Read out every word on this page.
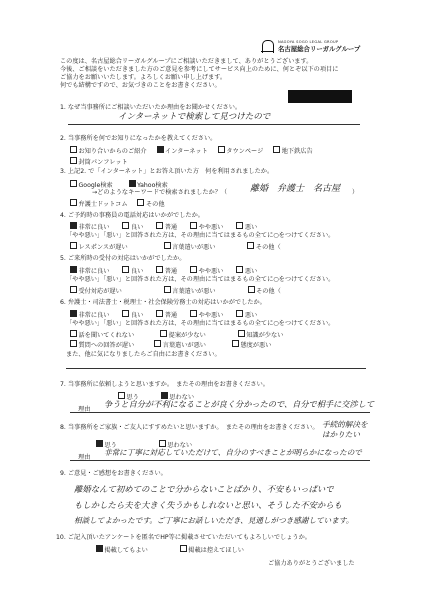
NAGOYA SOGO LEGAL GROUP
名古屋総合リーガルグループ
この度は、名古屋総合リーガルグループにご相談いただきまして、ありがとうございます。
今後、ご相談をいただきました方のご意見を参考にしてサービス向上のために、何とぞ以下の項目に
ご協力をお願いいたします。よろしくお願い申し上げます。
何でも結構ですので、お気づきのことをお書きください。
1. なぜ当事務所にご相談いただいたか理由をお聞かせください。
インターネットで検索して見つけたので
2. 当事務所を何でお知りになったかを教えてください。
お知り合いからのご紹介	インターネット	タウンページ	地下鉄広告
封筒パンフレット
3. 上記2. で「インターネット」とお答え頂いた方　何を利用されましたか。
Google検索	Yahoo検索
→どのようなキーワードで検索されましたか？（	離婚　弁護士　名古屋 ）
弁護士ドットコム	その他
4. ご予約時の事務員の電話対応はいかがでしたか。
非常に良い	良い	普通	やや悪い	悪い
「やや悪い」「悪い」と回答された方は、その理由に当てはまるもの全てに○をつけてください。
レスポンスが遅い	言葉遣いが悪い	その他（
5. ご来所時の受付の対応はいかがでしたか。
非常に良い	良い	普通	やや悪い	悪い
「やや悪い」「悪い」と回答された方は、その理由に当てはまるもの全てに○をつけてください。
受付対応が遅い	言葉遣いが悪い	その他（
6. 弁護士・司法書士・税理士・社会保険労務士の対応はいかがでしたか。
非常に良い	良い	普通	やや悪い	悪い
「やや悪い」「悪い」と回答された方は、その理由に当てはまるもの全てに○をつけてください。
話を聞いてくれない	提案が少ない	知識が少ない
質問への回答が遅い	言葉遣いが悪い	態度が悪い
また、他に気になりましたらご自由にお書きください。
7. 当事務所に依頼しようと思いますか。　またその理由をお書きください。
思う	思わない
理由
争うと自分が不利になることが良く分かったので、自分で相手に交渉して
8. 当事務所をご家族・ご友人にすすめたいと思いますか。　またその理由をお書きください。 手続的解決をはかりたい
思う	思わない
理由
非常に丁寧に対応していただけて、自分のすべきことが明らかになったので
9. ご意見・ご感想をお書きください。
離婚なんて初めてのことで分からないことばかり、不安もいっぱいで
もしかしたら夫を大きく失うかもしれないと思い、そうした不安からも
相談してよかったです。ご丁寧にお話しいただき、見通しがつき感謝しています。
10. ご記入頂いたアンケートを匿名でHP等に掲載させていただいてもよろしいでしょうか。
掲載してもよい	掲載は控えてほしい
ご協力ありがとうございました
